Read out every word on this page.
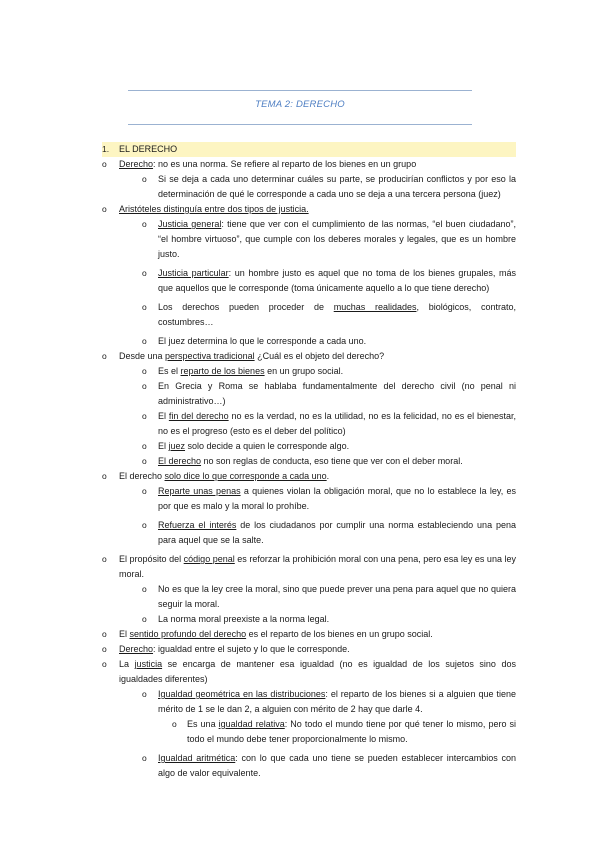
TEMA 2: DERECHO
1. EL DERECHO
o Derecho: no es una norma. Se refiere al reparto de los bienes en un grupo
o Si se deja a cada uno determinar cuáles su parte, se producirían conflictos y por eso la determinación de qué le corresponde a cada uno se deja a una tercera persona (juez)
o Aristóteles distinguía entre dos tipos de justicia.
o Justicia general: tiene que ver con el cumplimiento de las normas, “el buen ciudadano”, “el hombre virtuoso”, que cumple con los deberes morales y legales, que es un hombre justo.
o Justicia particular: un hombre justo es aquel que no toma de los bienes grupales, más que aquellos que le corresponde (toma únicamente aquello a lo que tiene derecho)
o Los derechos pueden proceder de muchas realidades, biológicos, contrato, costumbres…
o El juez determina lo que le corresponde a cada uno.
o Desde una perspectiva tradicional ¿Cuál es el objeto del derecho?
o Es el reparto de los bienes en un grupo social.
o En Grecia y Roma se hablaba fundamentalmente del derecho civil (no penal ni administrativo…)
o El fin del derecho no es la verdad, no es la utilidad, no es la felicidad, no es el bienestar, no es el progreso (esto es el deber del político)
o El juez solo decide a quien le corresponde algo.
o El derecho no son reglas de conducta, eso tiene que ver con el deber moral.
o El derecho solo dice lo que corresponde a cada uno.
o Reparte unas penas a quienes violan la obligación moral, que no lo establece la ley, es por que es malo y la moral lo prohíbe.
o Refuerza el interés de los ciudadanos por cumplir una norma estableciendo una pena para aquel que se la salte.
o El propósito del código penal es reforzar la prohibición moral con una pena, pero esa ley es una ley moral.
o No es que la ley cree la moral, sino que puede prever una pena para aquel que no quiera seguir la moral.
o La norma moral preexiste a la norma legal.
o El sentido profundo del derecho es el reparto de los bienes en un grupo social.
o Derecho: igualdad entre el sujeto y lo que le corresponde.
o La justicia se encarga de mantener esa igualdad (no es igualdad de los sujetos sino dos igualdades diferentes)
o Igualdad geométrica en las distribuciones: el reparto de los bienes si a alguien que tiene mérito de 1 se le dan 2, a alguien con mérito de 2 hay que darle 4.
o Es una igualdad relativa: No todo el mundo tiene por qué tener lo mismo, pero si todo el mundo debe tener proporcionalmente lo mismo.
o Igualdad aritmética: con lo que cada uno tiene se pueden establecer intercambios con algo de valor equivalente.
